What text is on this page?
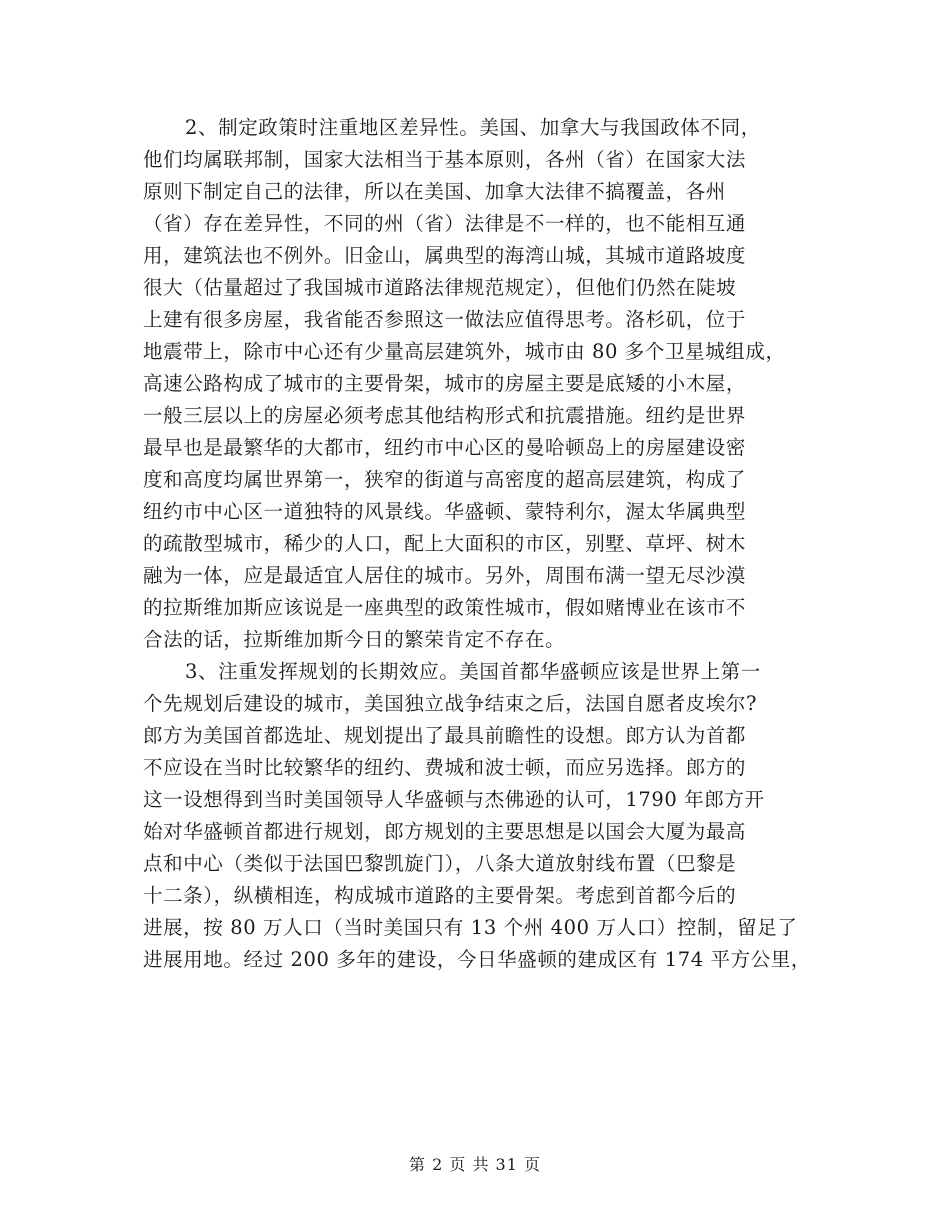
2、制定政策时注重地区差异性。美国、加拿大与我国政体不同，
他们均属联邦制，国家大法相当于基本原则，各州（省）在国家大法
原则下制定自己的法律，所以在美国、加拿大法律不搞覆盖，各州
（省）存在差异性，不同的州（省）法律是不一样的，也不能相互通
用，建筑法也不例外。旧金山，属典型的海湾山城，其城市道路坡度
很大（估量超过了我国城市道路法律规范规定），但他们仍然在陡坡
上建有很多房屋，我省能否参照这一做法应值得思考。洛杉矶，位于
地震带上，除市中心还有少量高层建筑外，城市由 80 多个卫星城组成，
高速公路构成了城市的主要骨架，城市的房屋主要是底矮的小木屋，
一般三层以上的房屋必须考虑其他结构形式和抗震措施。纽约是世界
最早也是最繁华的大都市，纽约市中心区的曼哈顿岛上的房屋建设密
度和高度均属世界第一，狭窄的街道与高密度的超高层建筑，构成了
纽约市中心区一道独特的风景线。华盛顿、蒙特利尔，渥太华属典型
的疏散型城市，稀少的人口，配上大面积的市区，别墅、草坪、树木
融为一体，应是最适宜人居住的城市。另外，周围布满一望无尽沙漠
的拉斯维加斯应该说是一座典型的政策性城市，假如赌博业在该市不
合法的话，拉斯维加斯今日的繁荣肯定不存在。
3、注重发挥规划的长期效应。美国首都华盛顿应该是世界上第一
个先规划后建设的城市，美国独立战争结束之后，法国自愿者皮埃尔?
郎方为美国首都选址、规划提出了最具前瞻性的设想。郎方认为首都
不应设在当时比较繁华的纽约、费城和波士顿，而应另选择。郎方的
这一设想得到当时美国领导人华盛顿与杰佛逊的认可，1790 年郎方开
始对华盛顿首都进行规划，郎方规划的主要思想是以国会大厦为最高
点和中心（类似于法国巴黎凯旋门），八条大道放射线布置（巴黎是
十二条），纵横相连，构成城市道路的主要骨架。考虑到首都今后的
进展，按 80 万人口（当时美国只有 13 个州 400 万人口）控制，留足了
进展用地。经过 200 多年的建设，今日华盛顿的建成区有 174 平方公里，
第 2 页 共 31 页
